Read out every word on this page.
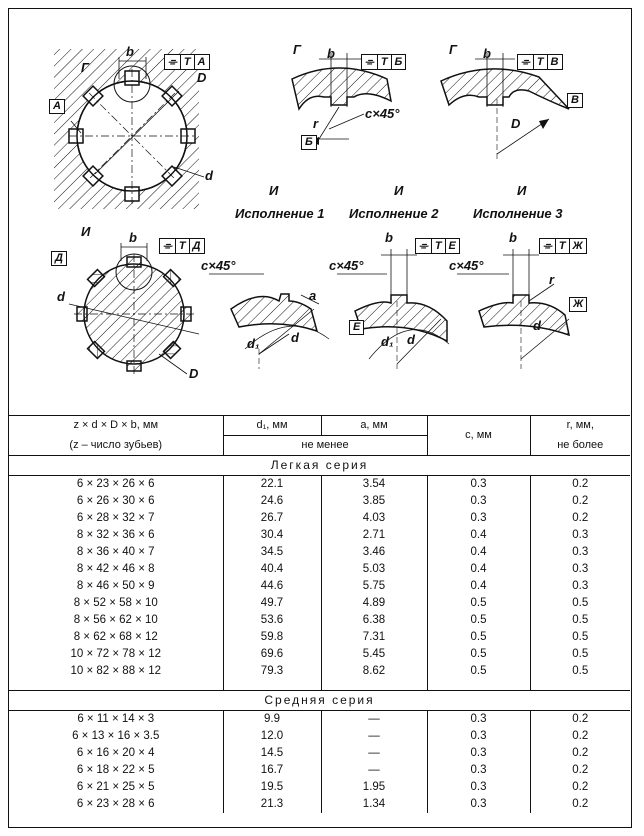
⌯ T А	⌯ T Б	⌯ T В
⌯ T Д	⌯ T Е	⌯ T Ж
b
Г
D
А
d
b
Г
r
c×45°
Б
b
Г
В
D
И
Исполнение 1
И
Исполнение 2
И
Исполнение 3
И	b
Д
d
D
c×45°
a
d₁ d
c×45°
b
Е
d₁ d
c×45°
b
r
Ж
d
z × d × D × b, мм	d₁, мм	a, мм	c, мм	r, мм,
(z – число зубьев)	не менее			не более
Легкая серия				
6 × 23 × 26 × 6	22.1	3.54	0.3	0.2
6 × 26 × 30 × 6	24.6	3.85	0.3	0.2
6 × 28 × 32 × 7	26.7	4.03	0.3	0.2
8 × 32 × 36 × 6	30.4	2.71	0.4	0.3
8 × 36 × 40 × 7	34.5	3.46	0.4	0.3
8 × 42 × 46 × 8	40.4	5.03	0.4	0.3
8 × 46 × 50 × 9	44.6	5.75	0.4	0.3
8 × 52 × 58 × 10	49.7	4.89	0.5	0.5
8 × 56 × 62 × 10	53.6	6.38	0.5	0.5
8 × 62 × 68 × 12	59.8	7.31	0.5	0.5
10 × 72 × 78 × 12	69.6	5.45	0.5	0.5
10 × 82 × 88 × 12	79.3	8.62	0.5	0.5

Средняя серия				
6 × 11 × 14 × 3	9.9	—	0.3	0.2
6 × 13 × 16 × 3.5	12.0	—	0.3	0.2
6 × 16 × 20 × 4	14.5	—	0.3	0.2
6 × 18 × 22 × 5	16.7	—	0.3	0.2
6 × 21 × 25 × 5	19.5	1.95	0.3	0.2
6 × 23 × 28 × 6	21.3	1.34	0.3	0.2
